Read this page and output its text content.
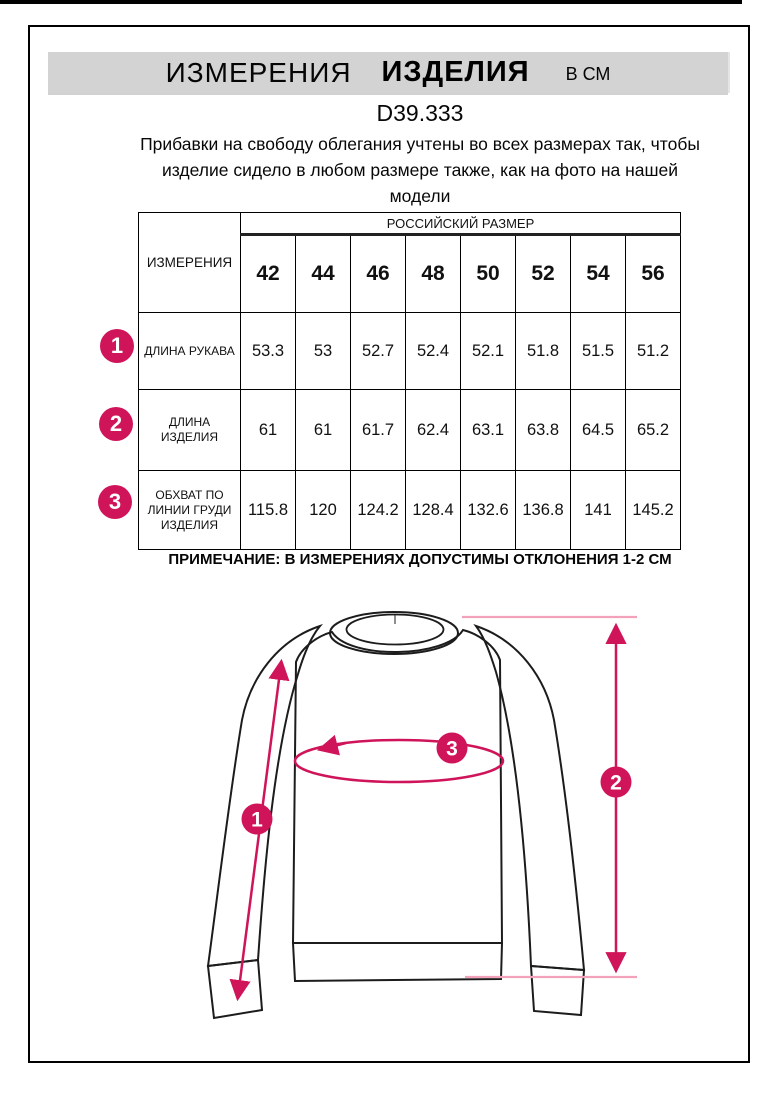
ИЗМЕРЕНИЯ ИЗДЕЛИЯ В СМ
D39.333
Прибавки на свободу облегания учтены во всех размерах так, чтобы
изделие сидело в любом размере также, как на фото на нашей
модели
ИЗМЕРЕНИЯ	РОССИЙСКИЙ РАЗМЕР							
	42	44	46	48	50	52	54	56
ДЛИНА РУКАВА	53.3	53	52.7	52.4	52.1	51.8	51.5	51.2
ДЛИНА ИЗДЕЛИЯ	61	61	61.7	62.4	63.1	63.8	64.5	65.2
ОБХВАТ ПО ЛИНИИ ГРУДИ ИЗДЕЛИЯ	115.8	120	124.2	128.4	132.6	136.8	141	145.2
1
2
3
ПРИМЕЧАНИЕ: В ИЗМЕРЕНИЯХ ДОПУСТИМЫ ОТКЛОНЕНИЯ 1-2 СМ
1
2
3
